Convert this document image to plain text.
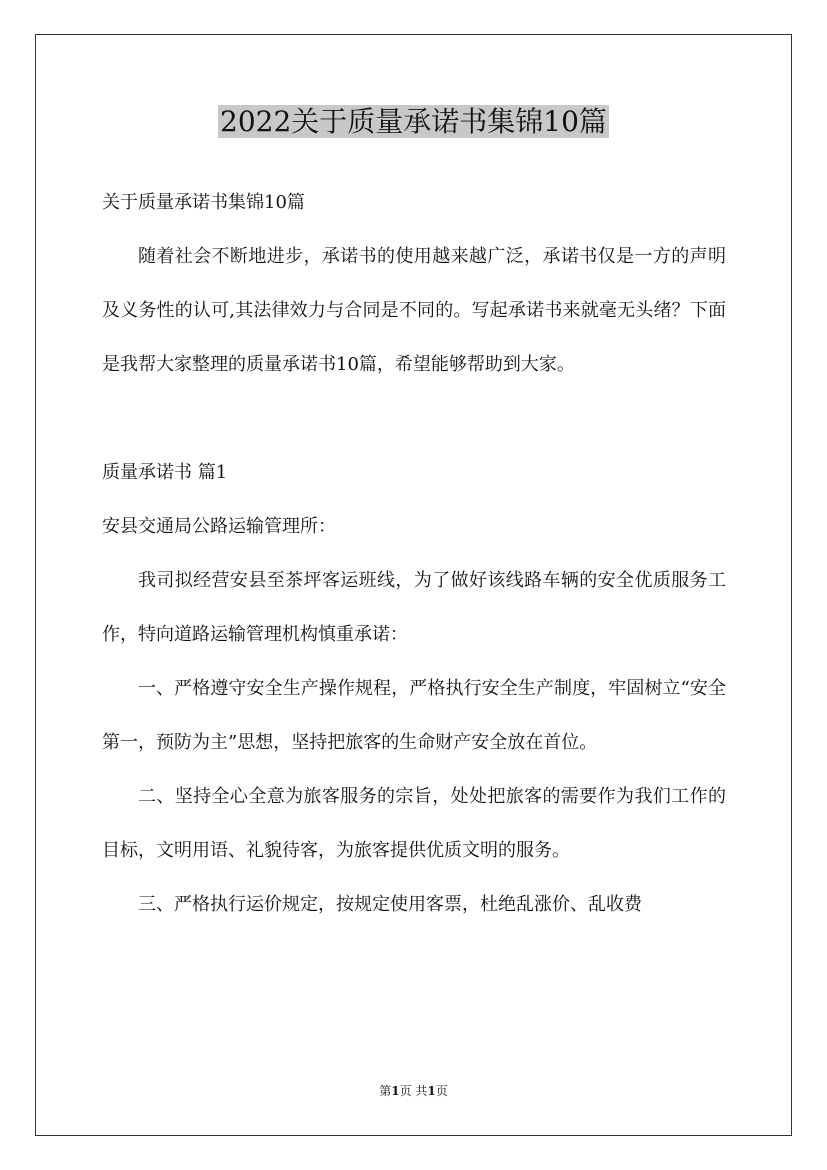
2022关于质量承诺书集锦10篇

关于质量承诺书集锦10篇

随着社会不断地进步，承诺书的使用越来越广泛，承诺书仅是一方的声明及义务性的认可,其法律效力与合同是不同的。写起承诺书来就毫无头绪？下面是我帮大家整理的质量承诺书10篇，希望能够帮助到大家。

质量承诺书 篇1

安县交通局公路运输管理所：

我司拟经营安县至茶坪客运班线，为了做好该线路车辆的安全优质服务工作，特向道路运输管理机构慎重承诺：

一、严格遵守安全生产操作规程，严格执行安全生产制度，牢固树立“安全第一，预防为主”思想，坚持把旅客的生命财产安全放在首位。

二、坚持全心全意为旅客服务的宗旨，处处把旅客的需要作为我们工作的目标，文明用语、礼貌待客，为旅客提供优质文明的服务。

三、严格执行运价规定，按规定使用客票，杜绝乱涨价、乱收费

第1页 共1页
